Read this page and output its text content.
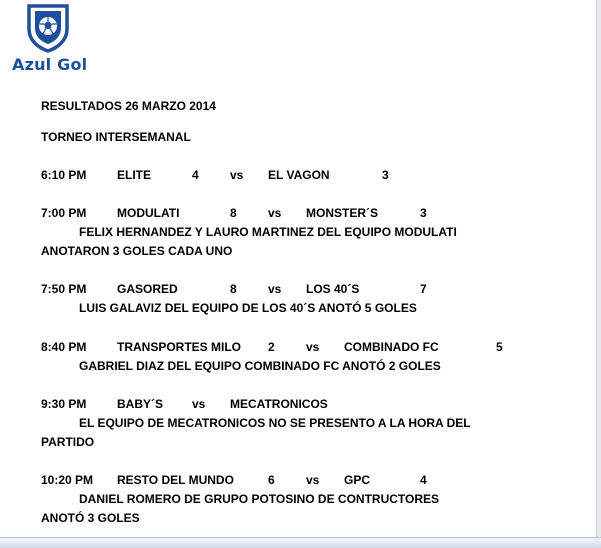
Azul Gol
RESULTADOS 26 MARZO 2014
TORNEO INTERSEMANAL
6:10 PM	ELITE	4	vs EL VAGON	3
7:00 PM	MODULATI	8	vs MONSTER´S	3
FELIX HERNANDEZ Y LAURO MARTINEZ DEL EQUIPO MODULATI
ANOTARON 3 GOLES CADA UNO
7:50 PM	GASORED	8	vs LOS 40´S	7
LUIS GALAVIZ DEL EQUIPO DE LOS 40´S ANOTÓ 5 GOLES
8:40 PM	TRANSPORTES MILO 2	vs COMBINADO FC	5
GABRIEL DIAZ DEL EQUIPO COMBINADO FC ANOTÓ 2 GOLES
9:30 PM	BABY´S vs MECATRONICOS
EL EQUIPO DE MECATRONICOS NO SE PRESENTO A LA HORA DEL
PARTIDO
10:20 PM RESTO DEL MUNDO	6	vs GPC	4
DANIEL ROMERO DE GRUPO POTOSINO DE CONTRUCTORES
ANOTÓ 3 GOLES
